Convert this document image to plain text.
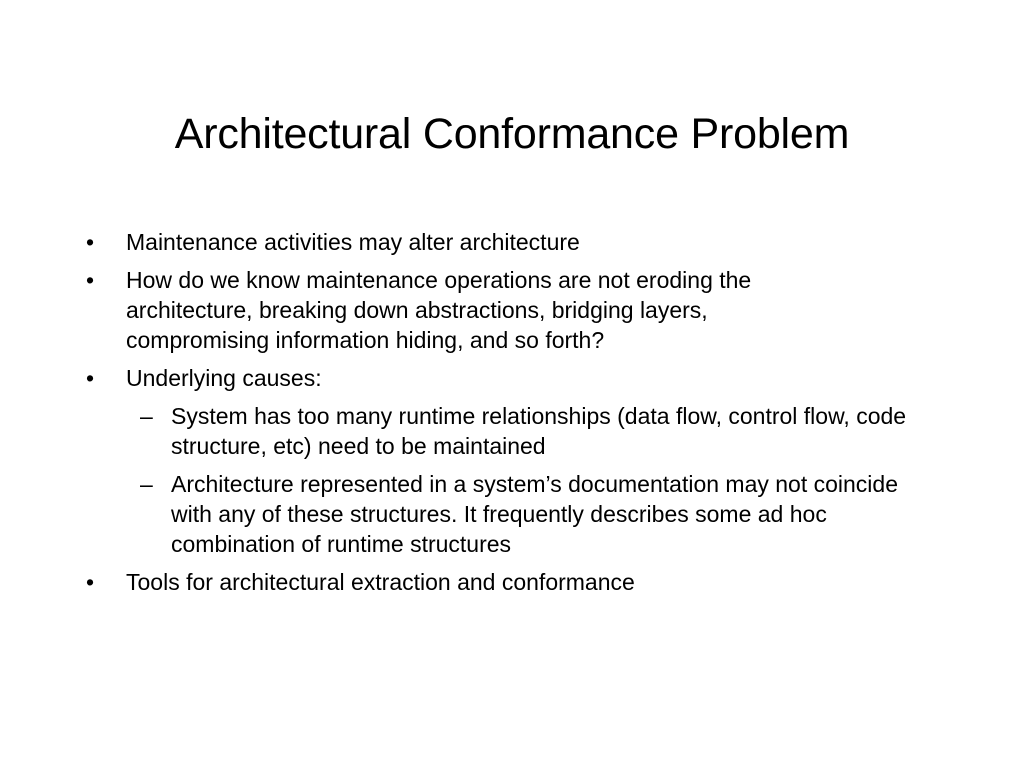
Architectural Conformance Problem
• Maintenance activities may alter architecture
• How do we know maintenance operations are not eroding the architecture, breaking down abstractions, bridging layers, compromising information hiding, and so forth?
• Underlying causes:
– System has too many runtime relationships (data flow, control flow, code structure, etc) need to be maintained
– Architecture represented in a system’s documentation may not coincide with any of these structures. It frequently describes some ad hoc combination of runtime structures
• Tools for architectural extraction and conformance
